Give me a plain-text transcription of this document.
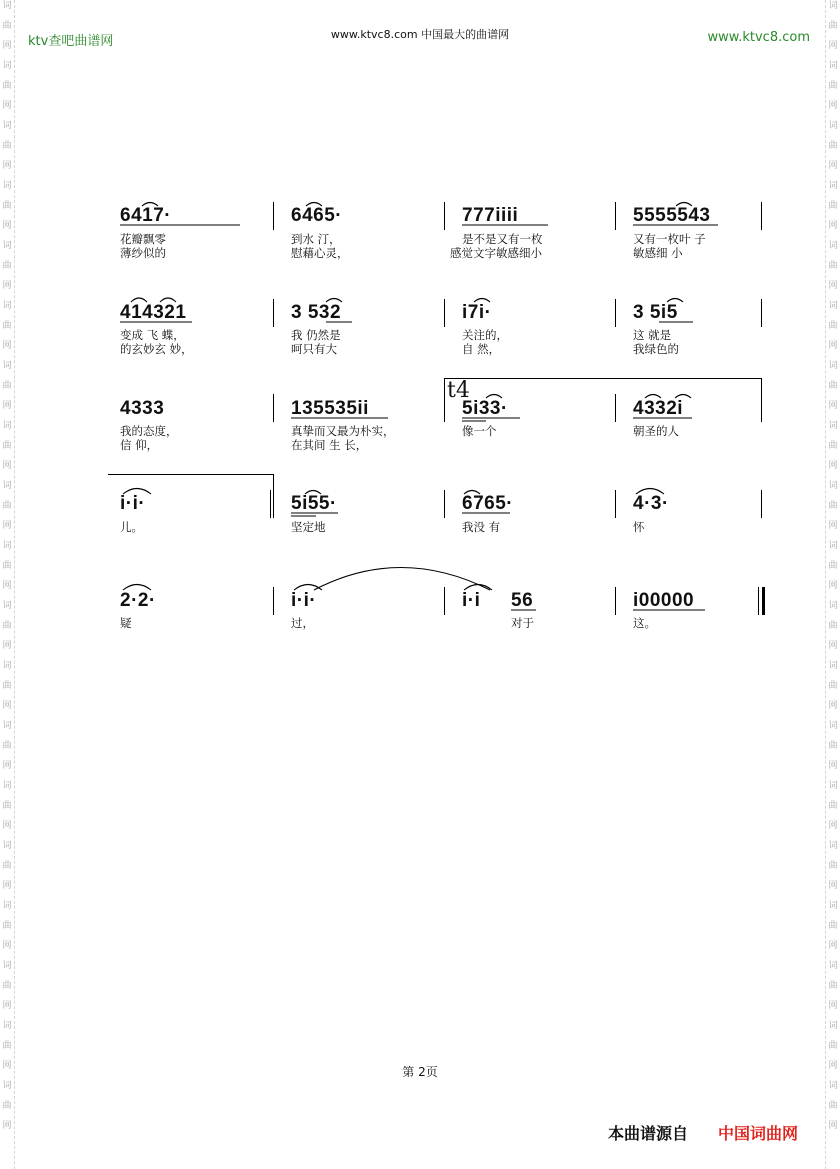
词
曲
网
词
曲
网
词
曲
网
词
曲
网
词
曲
网
词
曲
网
词
曲
网
词
曲
网
词
曲
网
词
曲
网
词
曲
网
词
曲
网
词
曲
网
词
曲
网
词
曲
网
词
曲
网
词
曲
网
词
曲
网
词
曲
网
词
曲
网
词
曲
网
词
曲
网
词
曲
网
词
曲
网
词
曲
网
词
曲
网
词
曲
网
词
曲
网
词
曲
网
词
曲
网
词
曲
网
词
曲
网
词
曲
网
词
曲
网
词
曲
网
词
曲
网
词
曲
网
词
曲
网
ktv查吧曲谱网	www.ktvc8.com 中国最大的曲谱网	www.ktvc8.com
6417·	6465·	777iiii	5555543
花瓣飘零	到水 汀，	是不是又有一枚	又有一枚叶 子
薄纱似的	慰藉心灵，	感觉文字敏感细小	敏感细 小
414321	3 532	i7i·	3 5i5
变成 飞 蝶，	我 仍然是	关注的，	这 就是
的玄妙玄 妙，	呵只有大	自 然，	我绿色的
4333	135535ii	5i33·	4332i
我的态度，	真挚而又最为朴实，	像一个	朝圣的人
信 仰，	在其间 生 长，
i·i·	5i55·	6765·	4·3·
儿。	坚定地	我没 有	怀
2·2·	i·i·	i·i 56	i00000
疑	过，	对于	这。
t4
第 2页
本曲谱源自 中国词曲网
